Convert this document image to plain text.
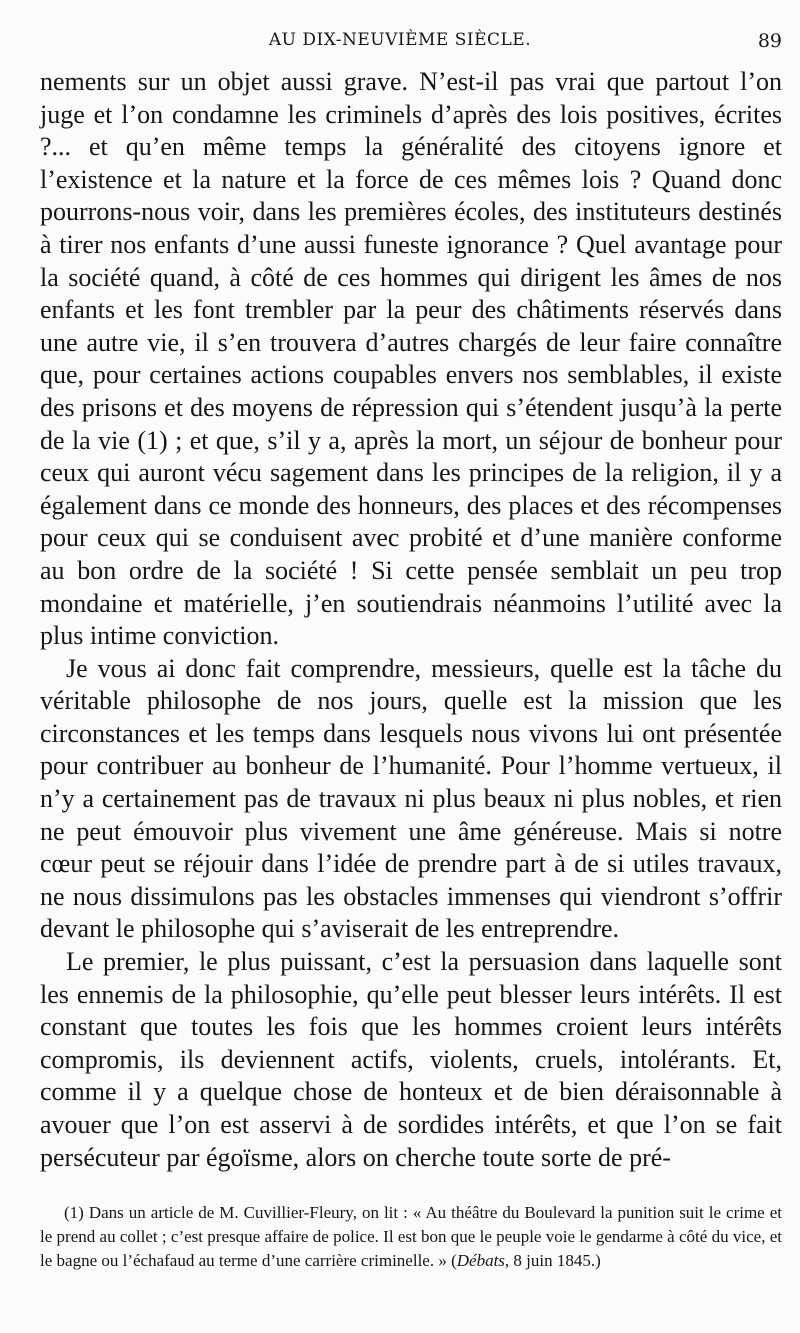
AU DIX-NEUVIÈME SIÈCLE.	89

nements sur un objet aussi grave. N’est-il pas vrai que partout l’on juge et l’on condamne les criminels d’après des lois positives, écrites ?... et qu’en même temps la généralité des citoyens ignore et l’existence et la nature et la force de ces mêmes lois ? Quand donc pourrons-nous voir, dans les premières écoles, des instituteurs destinés à tirer nos enfants d’une aussi funeste ignorance ? Quel avantage pour la société quand, à côté de ces hommes qui dirigent les âmes de nos enfants et les font trembler par la peur des châtiments réservés dans une autre vie, il s’en trouvera d’autres chargés de leur faire connaître que, pour certaines actions coupables envers nos semblables, il existe des prisons et des moyens de répression qui s’étendent jusqu’à la perte de la vie (1) ; et que, s’il y a, après la mort, un séjour de bonheur pour ceux qui auront vécu sagement dans les principes de la religion, il y a également dans ce monde des honneurs, des places et des récompenses pour ceux qui se conduisent avec probité et d’une manière conforme au bon ordre de la société ! Si cette pensée semblait un peu trop mondaine et matérielle, j’en soutiendrais néanmoins l’utilité avec la plus intime conviction.

Je vous ai donc fait comprendre, messieurs, quelle est la tâche du véritable philosophe de nos jours, quelle est la mission que les circonstances et les temps dans lesquels nous vivons lui ont présentée pour contribuer au bonheur de l’humanité. Pour l’homme vertueux, il n’y a certainement pas de travaux ni plus beaux ni plus nobles, et rien ne peut émouvoir plus vivement une âme généreuse. Mais si notre cœur peut se réjouir dans l’idée de prendre part à de si utiles travaux, ne nous dissimulons pas les obstacles immenses qui viendront s’offrir devant le philosophe qui s’aviserait de les entreprendre.

Le premier, le plus puissant, c’est la persuasion dans laquelle sont les ennemis de la philosophie, qu’elle peut blesser leurs intérêts. Il est constant que toutes les fois que les hommes croient leurs intérêts compromis, ils deviennent actifs, violents, cruels, intolérants. Et, comme il y a quelque chose de honteux et de bien déraisonnable à avouer que l’on est asservi à de sordides intérêts, et que l’on se fait persécuteur par égoïsme, alors on cherche toute sorte de pré-

(1) Dans un article de M. Cuvillier-Fleury, on lit : « Au théâtre du Boulevard la punition suit le crime et le prend au collet ; c’est presque affaire de police. Il est bon que le peuple voie le gendarme à côté du vice, et le bagne ou l’échafaud au terme d’une carrière criminelle. » (Débats, 8 juin 1845.)
